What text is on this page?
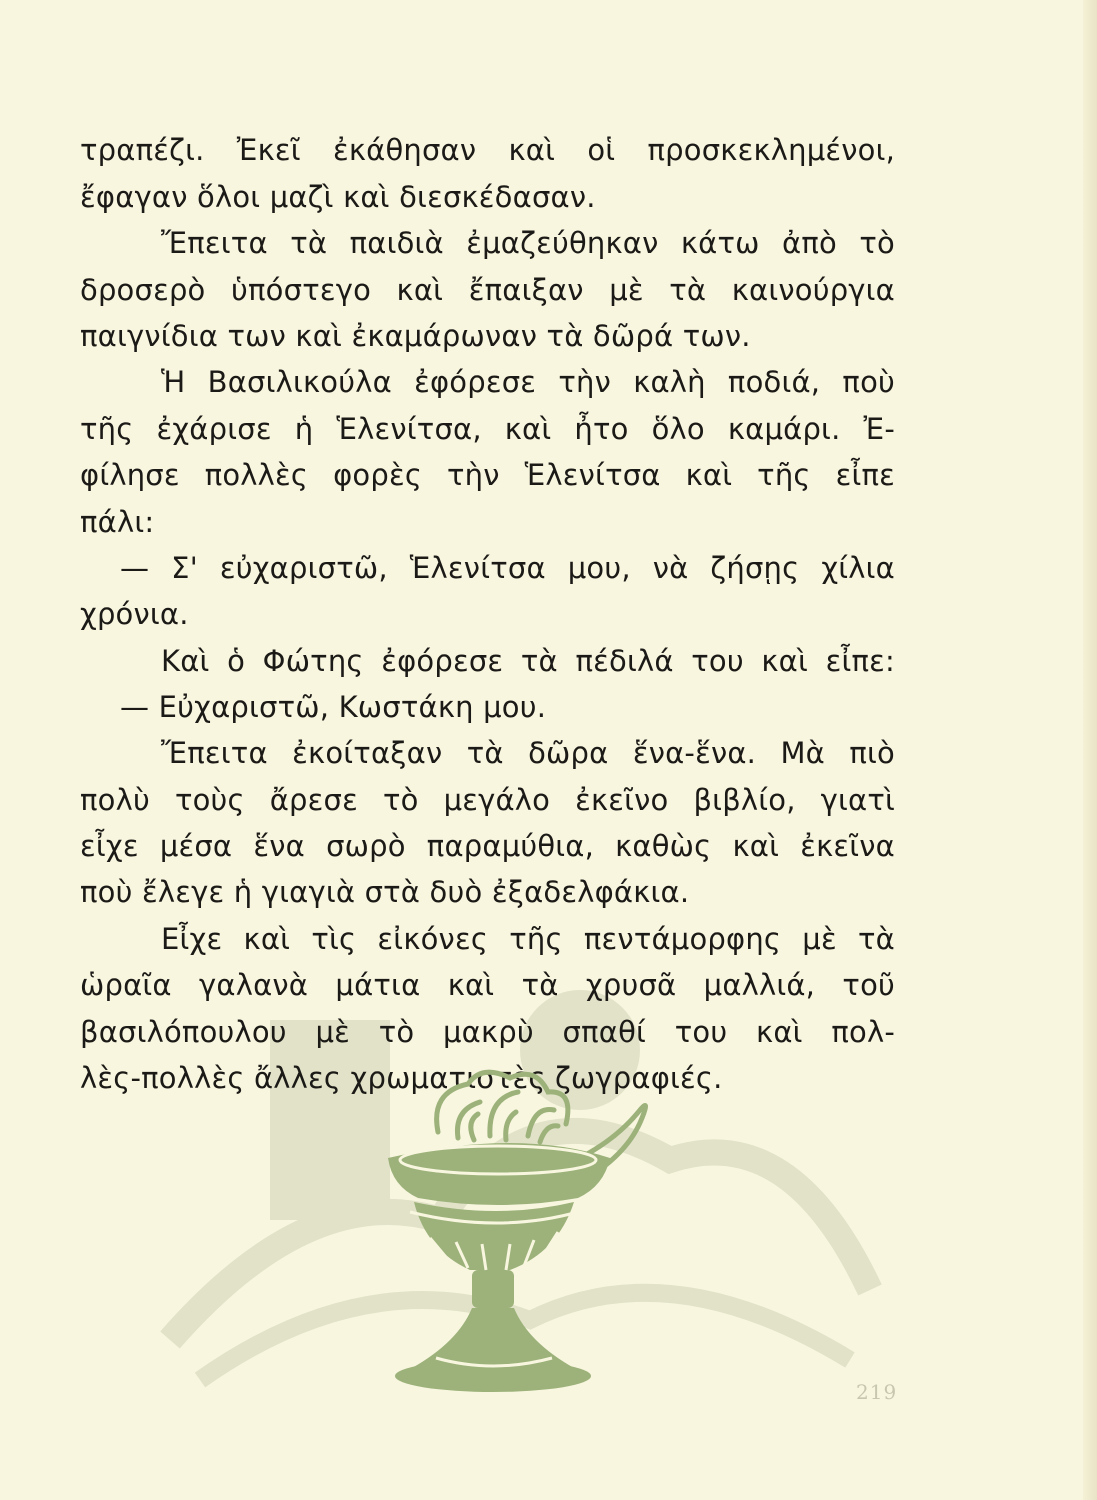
τραπέζι. Ἐκεῖ ἐκάθησαν καὶ οἱ προσκεκλημένοι,
ἔφαγαν ὅλοι μαζὶ καὶ διεσκέδασαν.
Ἔπειτα τὰ παιδιὰ ἐμαζεύθηκαν κάτω ἀπὸ τὸ
δροσερὸ ὑπόστεγο καὶ ἔπαιξαν μὲ τὰ καινούργια
παιγνίδια των καὶ ἐκαμάρωναν τὰ δῶρά των.
Ἡ Βασιλικούλα ἐφόρεσε τὴν καλὴ ποδιά, ποὺ
τῆς ἐχάρισε ἡ Ἑλενίτσα, καὶ ἦτο ὅλο καμάρι. Ἐ-
φίλησε πολλὲς φορὲς τὴν Ἑλενίτσα καὶ τῆς εἶπε
πάλι:
— Σ' εὐχαριστῶ, Ἑλενίτσα μου, νὰ ζήσῃς χίλια
χρόνια.
Καὶ ὁ Φώτης ἐφόρεσε τὰ πέδιλά του καὶ εἶπε:
— Εὐχαριστῶ, Κωστάκη μου.
Ἔπειτα ἐκοίταξαν τὰ δῶρα ἕνα-ἕνα. Μὰ πιὸ
πολὺ τοὺς ἄρεσε τὸ μεγάλο ἐκεῖνο βιβλίο, γιατὶ
εἶχε μέσα ἕνα σωρὸ παραμύθια, καθὼς καὶ ἐκεῖνα
ποὺ ἔλεγε ἡ γιαγιὰ στὰ δυὸ ἐξαδελφάκια.
Εἶχε καὶ τὶς εἰκόνες τῆς πεντάμορφης μὲ τὰ
ὡραῖα γαλανὰ μάτια καὶ τὰ χρυσᾶ μαλλιά, τοῦ
βασιλόπουλου μὲ τὸ μακρὺ σπαθί του καὶ πολ-
λὲς-πολλὲς ἄλλες χρωματιστὲς ζωγραφιές.
219
